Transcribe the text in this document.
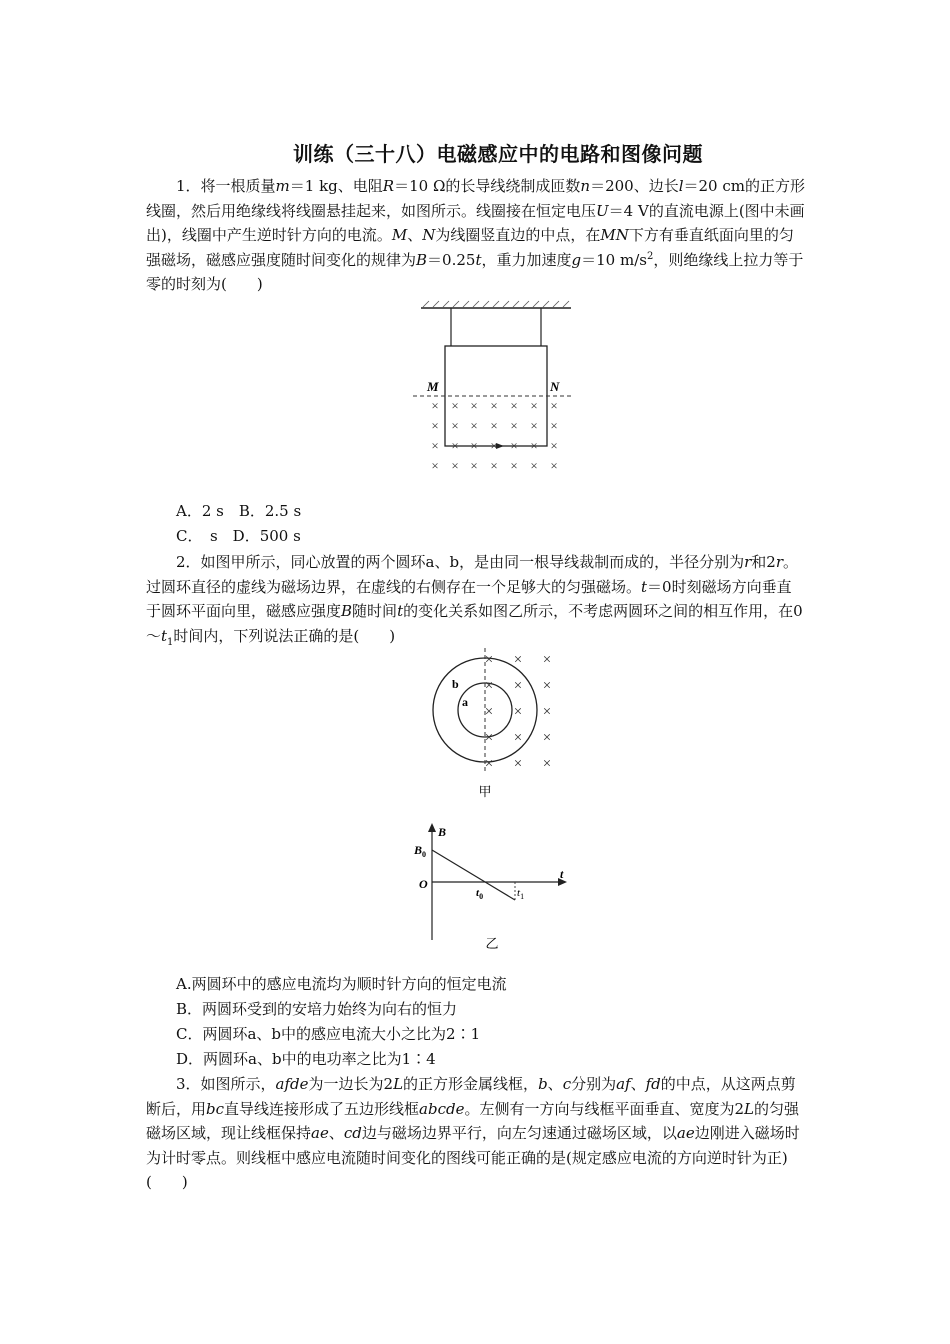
训练（三十八）电磁感应中的电路和图像问题
1．将一根质量m＝1 kg、电阻R＝10 Ω的长导线绕制成匝数n＝200、边长l＝20 cm的正方形线圈，然后用绝缘线将线圈悬挂起来，如图所示。线圈接在恒定电压U＝4 V的直流电源上(图中未画出)，线圈中产生逆时针方向的电流。M、N为线圈竖直边的中点，在MN下方有垂直纸面向里的匀强磁场，磁感应强度随时间变化的规律为B＝0.25t，重力加速度g＝10 $m/s^2$，则绝缘线上拉力等于零的时刻为(　　)
M	N
× × × × × × ×
× × × × × × ×
× × × × × × ×
× × × × × × ×
A．2 s　B．2.5 s
C．　s　D．500 s
2．如图甲所示，同心放置的两个圆环a、b，是由同一根导线裁制而成的，半径分别为r和2r。过圆环直径的虚线为磁场边界，在虚线的右侧存在一个足够大的匀强磁场。t＝0时刻磁场方向垂直于圆环平面向里，磁感应强度B随时间t的变化关系如图乙所示，不考虑两圆环之间的相互作用，在$0\sim t_1$时间内，下列说法正确的是(　　)
b
a
× × ×
× × ×
× × ×
× × ×
× × ×
甲
B
$B_0$
O
$t_0$	$t_1$
t
乙
A.两圆环中的感应电流均为顺时针方向的恒定电流
B．两圆环受到的安培力始终为向右的恒力
C．两圆环a、b中的感应电流大小之比为2∶1
D．两圆环a、b中的电功率之比为1∶4
3．如图所示，afde为一边长为2L的正方形金属线框，b、c分别为af、fd的中点，从这两点剪断后，用bc直导线连接形成了五边形线框abcde。左侧有一方向与线框平面垂直、宽度为2L的匀强磁场区域，现让线框保持ae、cd边与磁场边界平行，向左匀速通过磁场区域，以ae边刚进入磁场时为计时零点。则线框中感应电流随时间变化的图线可能正确的是(规定感应电流的方向逆时针为正)(　　)
